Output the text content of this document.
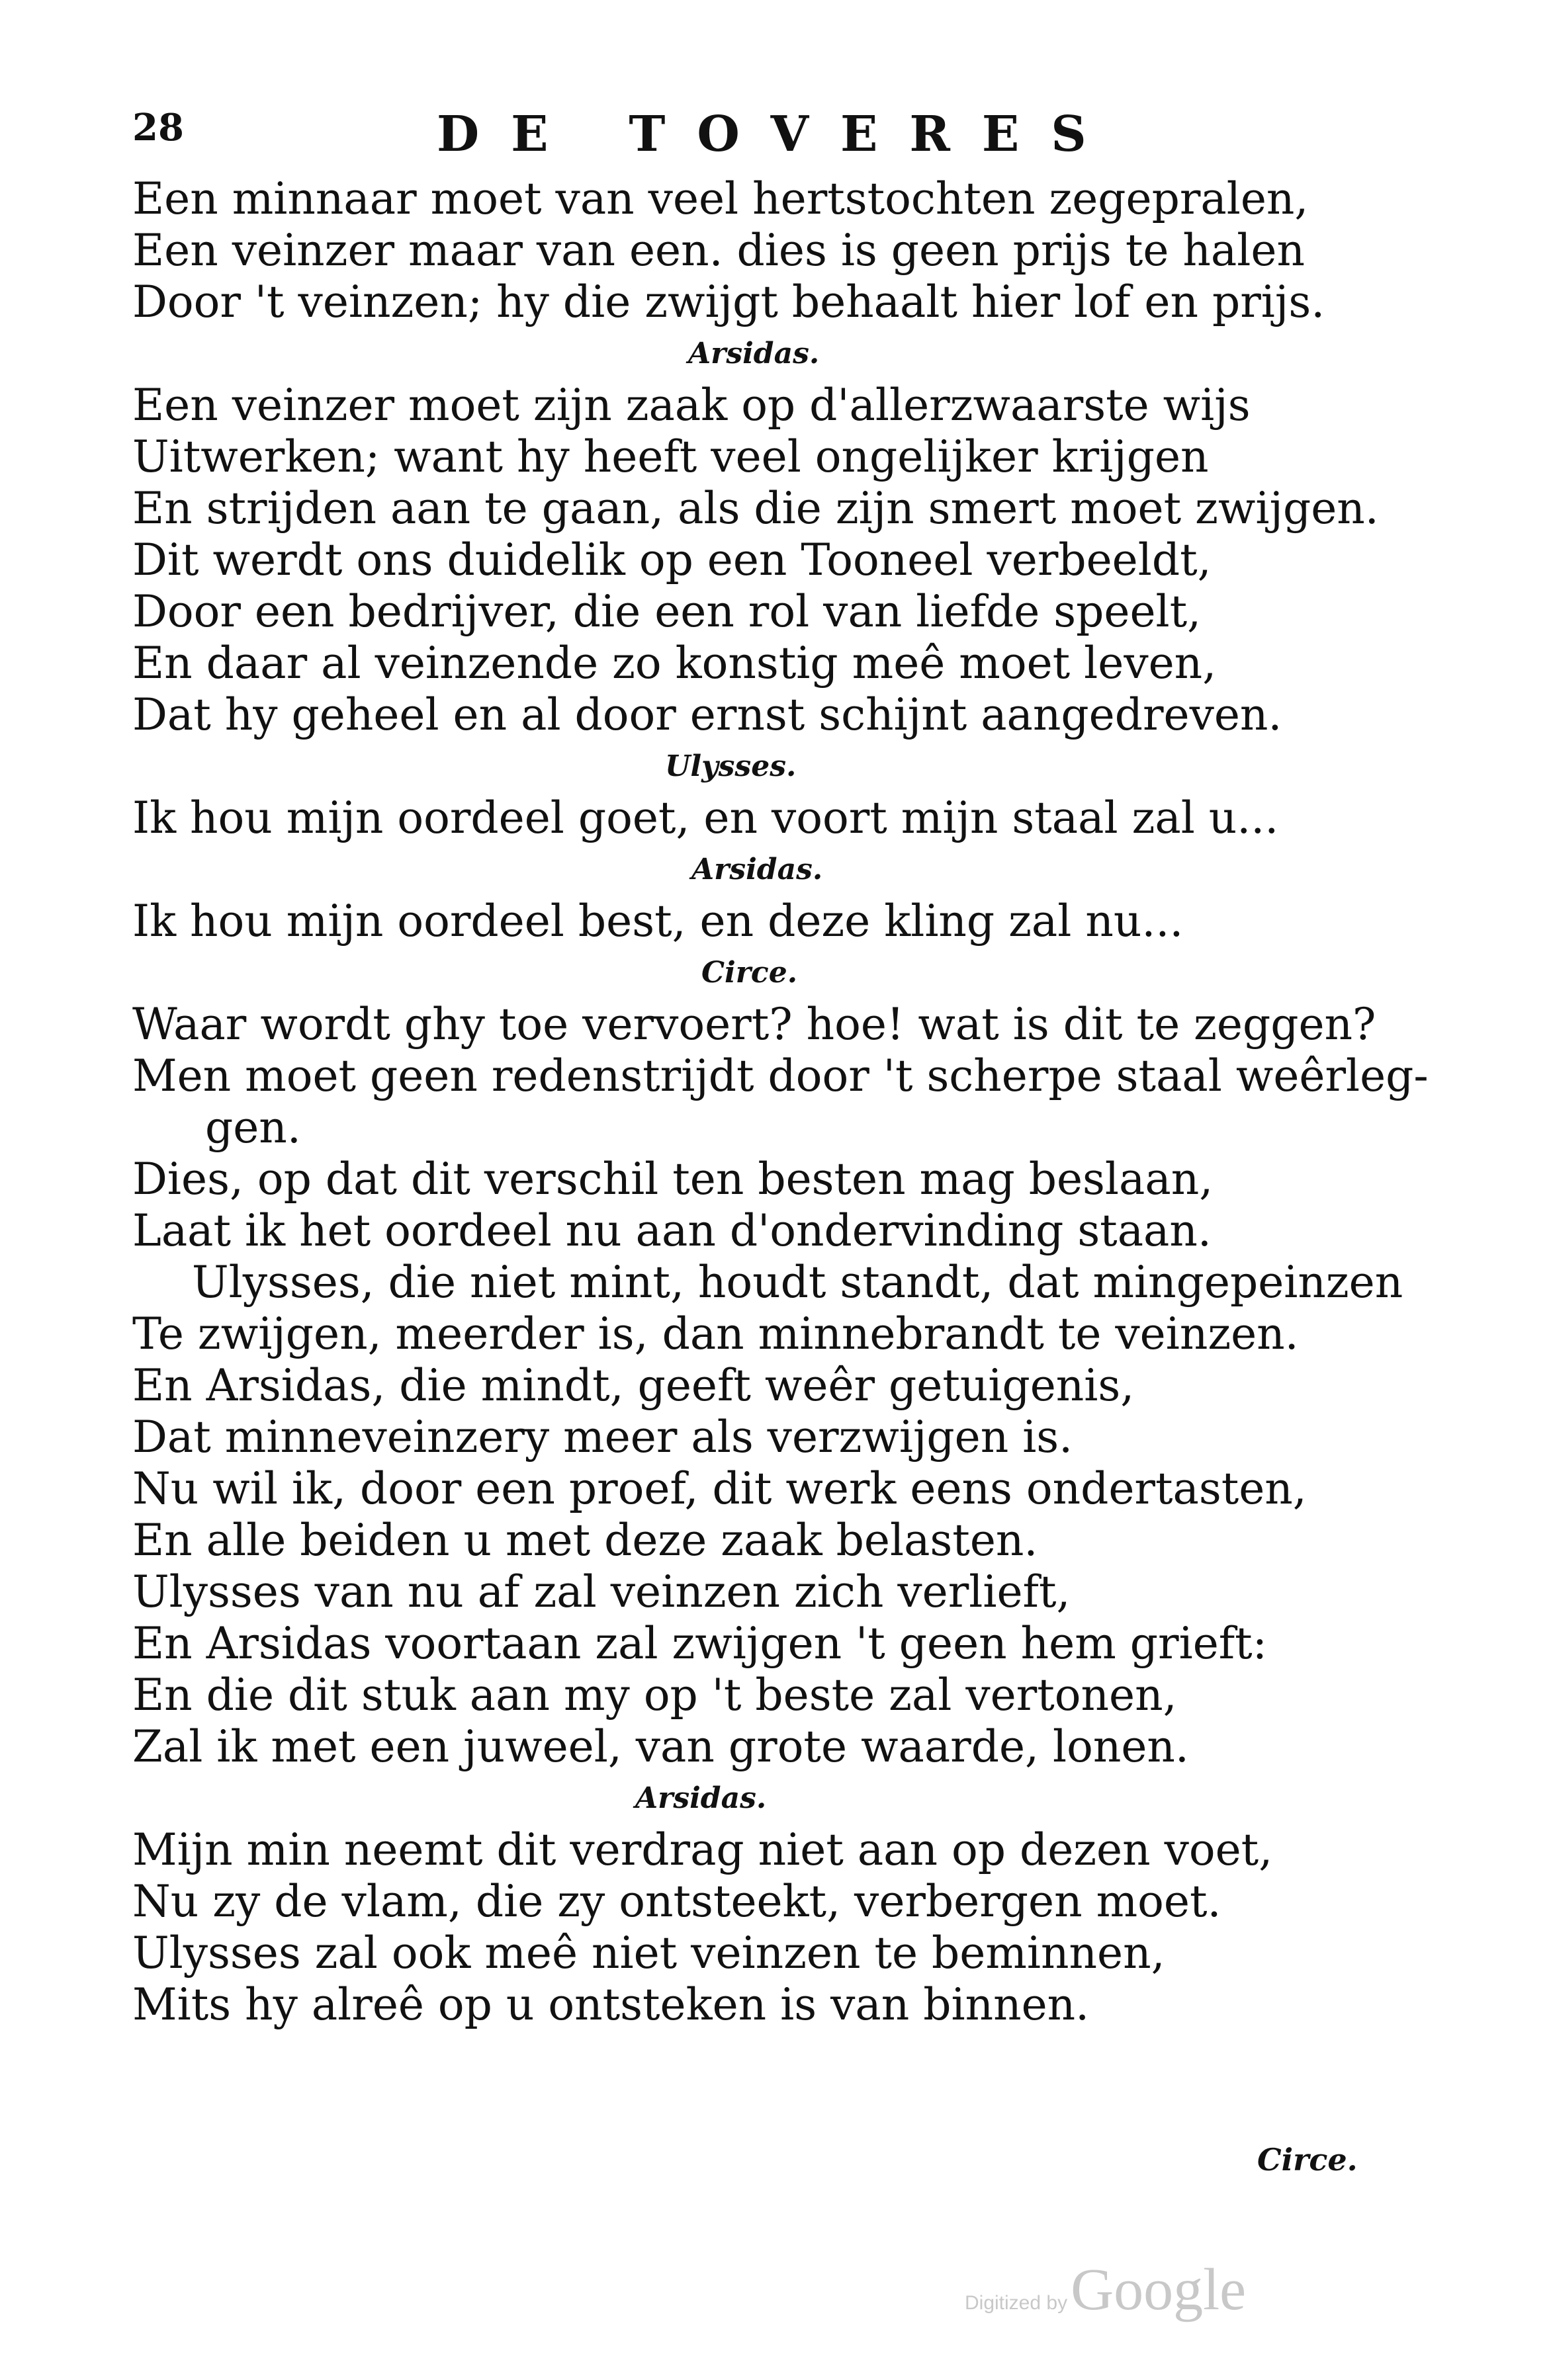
28	DE TOVERES
Een minnaar moet van veel hertstochten zegepralen,
Een veinzer maar van een. dies is geen prijs te halen
Door 't veinzen; hy die zwijgt behaalt hier lof en prijs.
Arsidas.
Een veinzer moet zijn zaak op d'allerzwaarste wijs
Uitwerken; want hy heeft veel ongelijker krijgen
En strijden aan te gaan, als die zijn smert moet zwijgen.
Dit werdt ons duidelik op een Tooneel verbeeldt,
Door een bedrijver, die een rol van liefde speelt,
En daar al veinzende zo konstig meê moet leven,
Dat hy geheel en al door ernst schijnt aangedreven.
Ulysses.
Ik hou mijn oordeel goet, en voort mijn staal zal u...
Arsidas.
Ik hou mijn oordeel best, en deze kling zal nu...
Circe.
Waar wordt ghy toe vervoert? hoe! wat is dit te zeggen?
Men moet geen redenstrijdt door 't scherpe staal weêrleg-
gen.
Dies, op dat dit verschil ten besten mag beslaan,
Laat ik het oordeel nu aan d'ondervinding staan.
Ulysses, die niet mint, houdt standt, dat mingepeinzen
Te zwijgen, meerder is, dan minnebrandt te veinzen.
En Arsidas, die mindt, geeft weêr getuigenis,
Dat minneveinzery meer als verzwijgen is.
Nu wil ik, door een proef, dit werk eens ondertasten,
En alle beiden u met deze zaak belasten.
Ulysses van nu af zal veinzen zich verlieft,
En Arsidas voortaan zal zwijgen 't geen hem grieft:
En die dit stuk aan my op 't beste zal vertonen,
Zal ik met een juweel, van grote waarde, lonen.
Arsidas.
Mijn min neemt dit verdrag niet aan op dezen voet,
Nu zy de vlam, die zy ontsteekt, verbergen moet.
Ulysses zal ook meê niet veinzen te beminnen,
Mits hy alreê op u ontsteken is van binnen.
Circe.
Digitized by Google
